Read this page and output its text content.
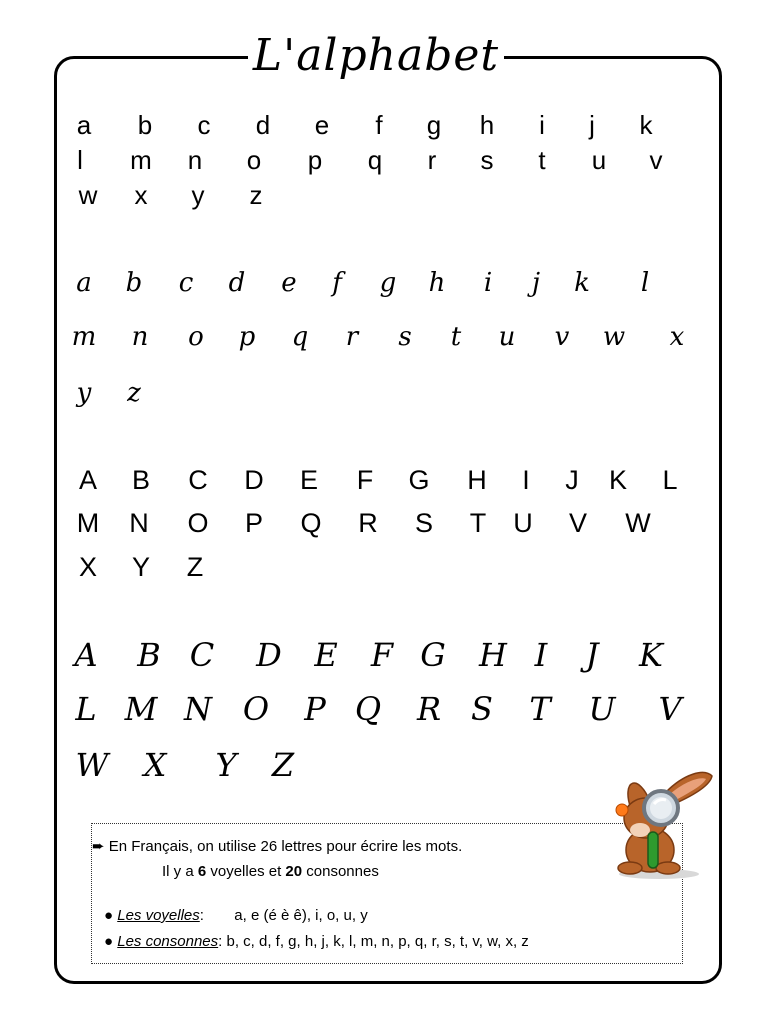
L'alphabet
a b c d e f g h i j k
l m n o p q r s t u v
w x y z
a b c d e f g h i j k l
m n o p q r s t u v w x
y z
A B C D E F G H I J K L
M N O P Q R S T U V W
X Y Z
A B C D E F G H I J K
L M N O P Q R S T U V
W X Y Z
➨ En Français, on utilise 26 lettres pour écrire les mots.
Il y a 6 voyelles et 20 consonnes
● Les voyelles: a, e (é è ê), i, o, u, y
● Les consonnes: b, c, d, f, g, h, j, k, l, m, n, p, q, r, s, t, v, w, x, z
